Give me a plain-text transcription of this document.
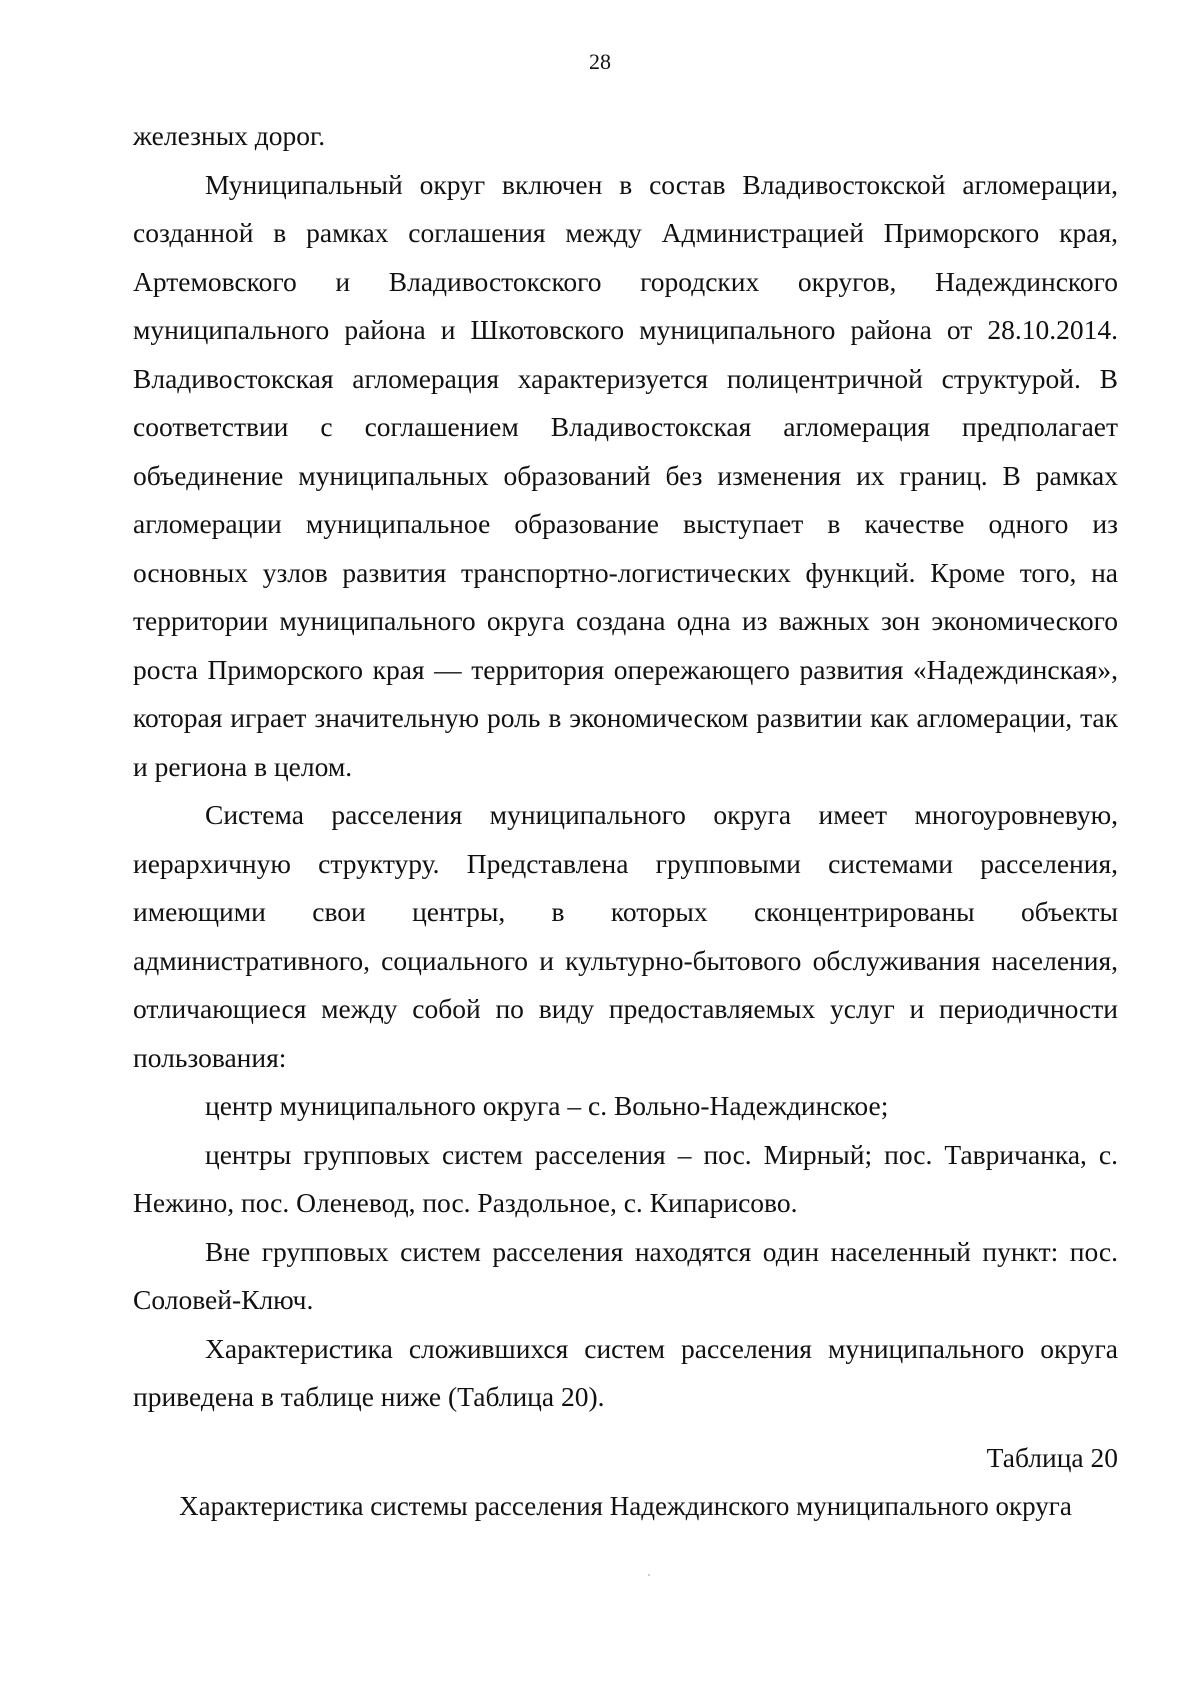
28

железных дорог.

Муниципальный округ включен в состав Владивостокской агломерации, созданной в рамках соглашения между Администрацией Приморского края, Артемовского и Владивостокского городских округов, Надеждинского муниципального района и Шкотовского муниципального района от 28.10.2014. Владивостокская агломерация характеризуется полицентричной структурой. В соответствии с соглашением Владивостокская агломерация предполагает объединение муниципальных образований без изменения их границ. В рамках агломерации муниципальное образование выступает в качестве одного из основных узлов развития транспортно-логистических функций. Кроме того, на территории муниципального округа создана одна из важных зон экономического роста Приморского края — территория опережающего развития «Надеждинская», которая играет значительную роль в экономическом развитии как агломерации, так и региона в целом.

Система расселения муниципального округа имеет многоуровневую, иерархичную структуру. Представлена групповыми системами расселения, имеющими свои центры, в которых сконцентрированы объекты административного, социального и культурно-бытового обслуживания населения, отличающиеся между собой по виду предоставляемых услуг и периодичности пользования:

центр муниципального округа – с. Вольно-Надеждинское;

центры групповых систем расселения – пос. Мирный; пос. Тавричанка, с. Нежино, пос. Оленевод, пос. Раздольное, с. Кипарисово.

Вне групповых систем расселения находятся один населенный пункт: пос. Соловей-Ключ.

Характеристика сложившихся систем расселения муниципального округа приведена в таблице ниже (Таблица 20).

Таблица 20

Характеристика системы расселения Надеждинского муниципального округа
